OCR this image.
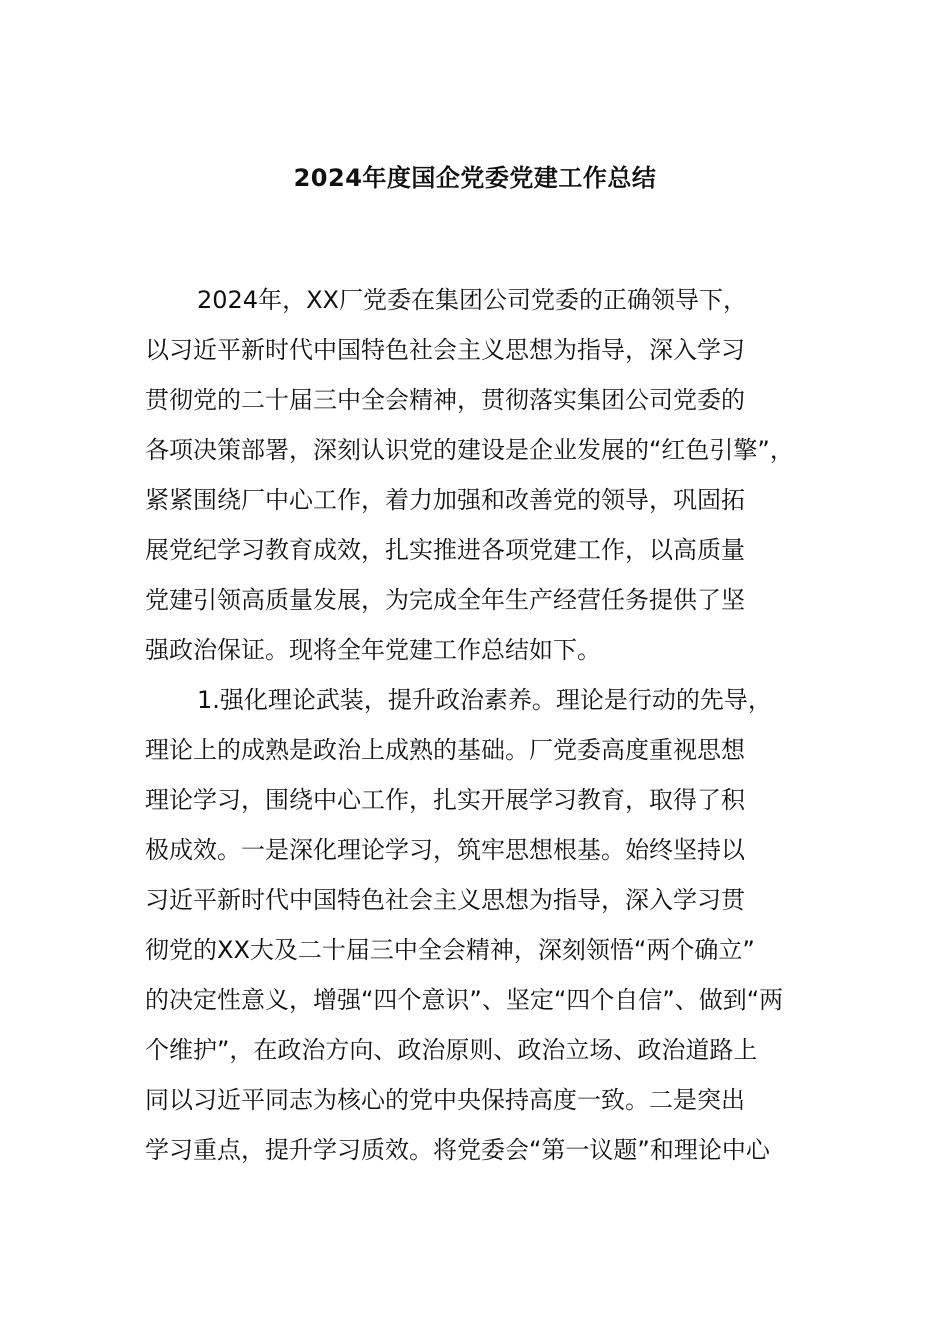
2024年度国企党委党建工作总结
2024年，XX厂党委在集团公司党委的正确领导下，
以习近平新时代中国特色社会主义思想为指导，深入学习
贯彻党的二十届三中全会精神，贯彻落实集团公司党委的
各项决策部署，深刻认识党的建设是企业发展的“红色引擎”，
紧紧围绕厂中心工作，着力加强和改善党的领导，巩固拓
展党纪学习教育成效，扎实推进各项党建工作，以高质量
党建引领高质量发展，为完成全年生产经营任务提供了坚
强政治保证。现将全年党建工作总结如下。
1.强化理论武装，提升政治素养。理论是行动的先导，
理论上的成熟是政治上成熟的基础。厂党委高度重视思想
理论学习，围绕中心工作，扎实开展学习教育，取得了积
极成效。一是深化理论学习，筑牢思想根基。始终坚持以
习近平新时代中国特色社会主义思想为指导，深入学习贯
彻党的XX大及二十届三中全会精神，深刻领悟“两个确立”
的决定性意义，增强“四个意识”、坚定“四个自信”、做到“两
个维护”，在政治方向、政治原则、政治立场、政治道路上
同以习近平同志为核心的党中央保持高度一致。二是突出
学习重点，提升学习质效。将党委会“第一议题”和理论中心
